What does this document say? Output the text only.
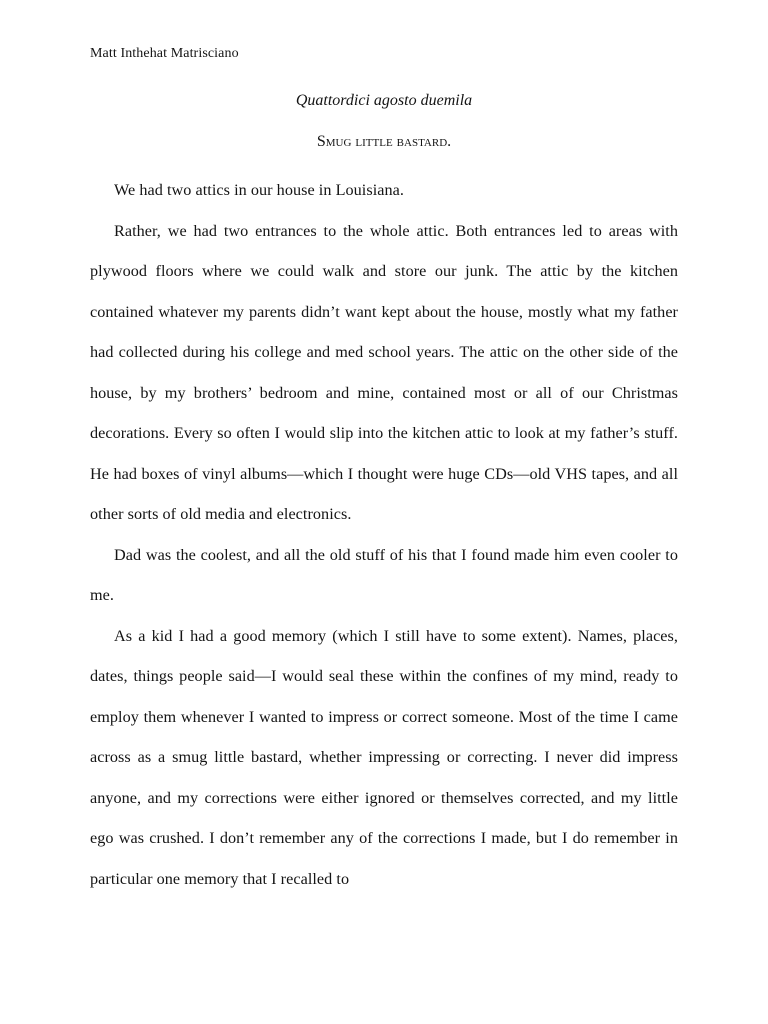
Matt Inthehat Matrisciano
Quattordici agosto duemila
Smug little bastard.

We had two attics in our house in Louisiana.

Rather, we had two entrances to the whole attic. Both entrances led to areas with plywood floors where we could walk and store our junk. The attic by the kitchen contained whatever my parents didn’t want kept about the house, mostly what my father had collected during his college and med school years. The attic on the other side of the house, by my brothers’ bedroom and mine, contained most or all of our Christmas decorations. Every so often I would slip into the kitchen attic to look at my father’s stuff. He had boxes of vinyl albums—which I thought were huge CDs—old VHS tapes, and all other sorts of old media and electronics.

Dad was the coolest, and all the old stuff of his that I found made him even cooler to me.

As a kid I had a good memory (which I still have to some extent). Names, places, dates, things people said—I would seal these within the confines of my mind, ready to employ them whenever I wanted to impress or correct someone. Most of the time I came across as a smug little bastard, whether impressing or correcting. I never did impress anyone, and my corrections were either ignored or themselves corrected, and my little ego was crushed. I don’t remember any of the corrections I made, but I do remember in particular one memory that I recalled to
